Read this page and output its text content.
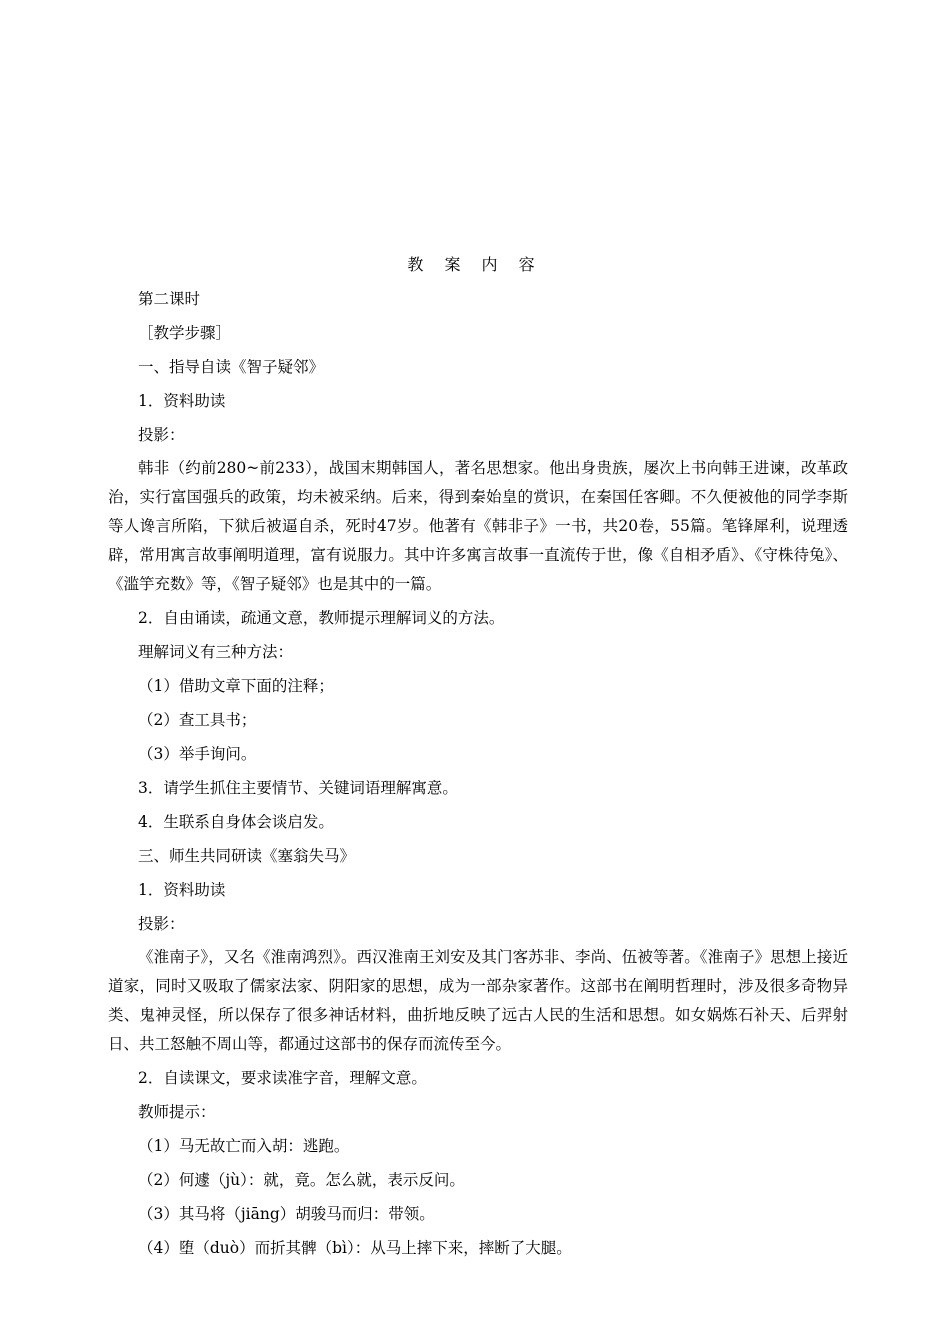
教 案 内 容
第二课时
［教学步骤］
一、指导自读《智子疑邻》
1．资料助读
投影：
韩非（约前280~前233），战国末期韩国人，著名思想家。他出身贵族，屡次上书向韩王进谏，改革政治，实行富国强兵的政策，均未被采纳。后来，得到秦始皇的赏识，在秦国任客卿。不久便被他的同学李斯等人谗言所陷，下狱后被逼自杀，死时47岁。他著有《韩非子》一书，共20卷，55篇。笔锋犀利，说理透辟，常用寓言故事阐明道理，富有说服力。其中许多寓言故事一直流传于世，像《自相矛盾》、《守株待兔》、《滥竽充数》等，《智子疑邻》也是其中的一篇。
2．自由诵读，疏通文意，教师提示理解词义的方法。
理解词义有三种方法：
（1）借助文章下面的注释；
（2）查工具书；
（3）举手询问。
3．请学生抓住主要情节、关键词语理解寓意。
4．生联系自身体会谈启发。
三、师生共同研读《塞翁失马》
1．资料助读
投影：
《淮南子》，又名《淮南鸿烈》。西汉淮南王刘安及其门客苏非、李尚、伍被等著。《淮南子》思想上接近道家，同时又吸取了儒家法家、阴阳家的思想，成为一部杂家著作。这部书在阐明哲理时，涉及很多奇物异类、鬼神灵怪，所以保存了很多神话材料，曲折地反映了远古人民的生活和思想。如女娲炼石补天、后羿射日、共工怒触不周山等，都通过这部书的保存而流传至今。
2．自读课文，要求读准字音，理解文意。
教师提示：
（1）马无故亡而入胡：逃跑。
（2）何遽（jù）：就，竟。怎么就，表示反问。
（3）其马将（jiāng）胡骏马而归：带领。
（4）堕（duò）而折其髀（bì）：从马上摔下来，摔断了大腿。
